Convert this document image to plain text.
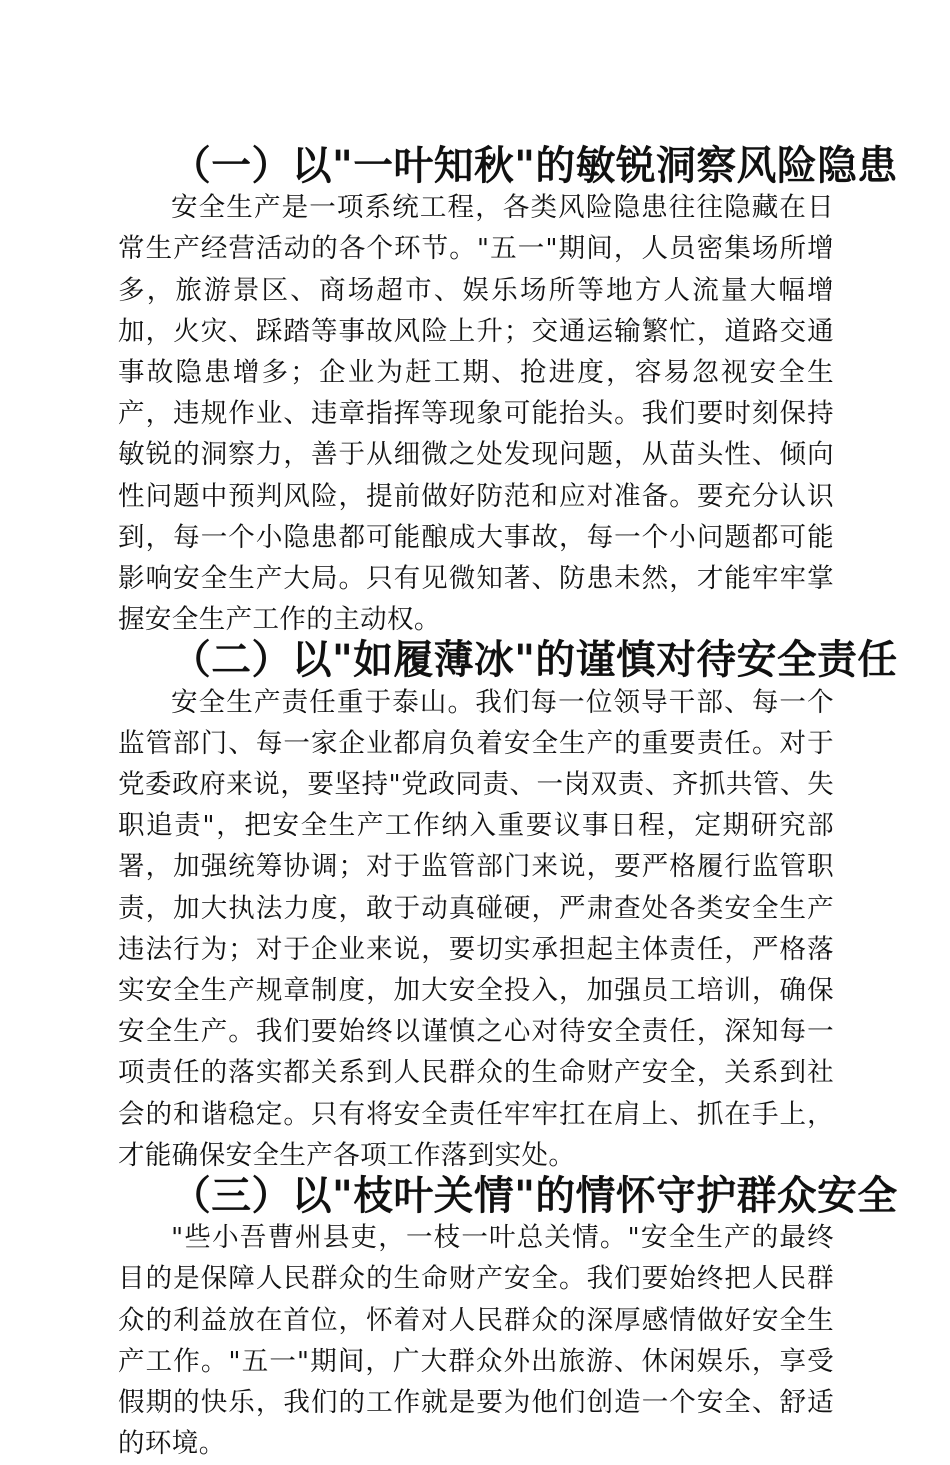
（一）以"一叶知秋"的敏锐洞察风险隐患

安全生产是一项系统工程，各类风险隐患往往隐藏在日常生产经营活动的各个环节。"五一"期间，人员密集场所增多，旅游景区、商场超市、娱乐场所等地方人流量大幅增加，火灾、踩踏等事故风险上升；交通运输繁忙，道路交通事故隐患增多；企业为赶工期、抢进度，容易忽视安全生产，违规作业、违章指挥等现象可能抬头。我们要时刻保持敏锐的洞察力，善于从细微之处发现问题，从苗头性、倾向性问题中预判风险，提前做好防范和应对准备。要充分认识到，每一个小隐患都可能酿成大事故，每一个小问题都可能影响安全生产大局。只有见微知著、防患未然，才能牢牢掌握安全生产工作的主动权。

（二）以"如履薄冰"的谨慎对待安全责任

安全生产责任重于泰山。我们每一位领导干部、每一个监管部门、每一家企业都肩负着安全生产的重要责任。对于党委政府来说，要坚持"党政同责、一岗双责、齐抓共管、失职追责"，把安全生产工作纳入重要议事日程，定期研究部署，加强统筹协调；对于监管部门来说，要严格履行监管职责，加大执法力度，敢于动真碰硬，严肃查处各类安全生产违法行为；对于企业来说，要切实承担起主体责任，严格落实安全生产规章制度，加大安全投入，加强员工培训，确保安全生产。我们要始终以谨慎之心对待安全责任，深知每一项责任的落实都关系到人民群众的生命财产安全，关系到社会的和谐稳定。只有将安全责任牢牢扛在肩上、抓在手上，才能确保安全生产各项工作落到实处。

（三）以"枝叶关情"的情怀守护群众安全

"些小吾曹州县吏，一枝一叶总关情。"安全生产的最终目的是保障人民群众的生命财产安全。我们要始终把人民群众的利益放在首位，怀着对人民群众的深厚感情做好安全生产工作。"五一"期间，广大群众外出旅游、休闲娱乐，享受假期的快乐，我们的工作就是要为他们创造一个安全、舒适的环境。
